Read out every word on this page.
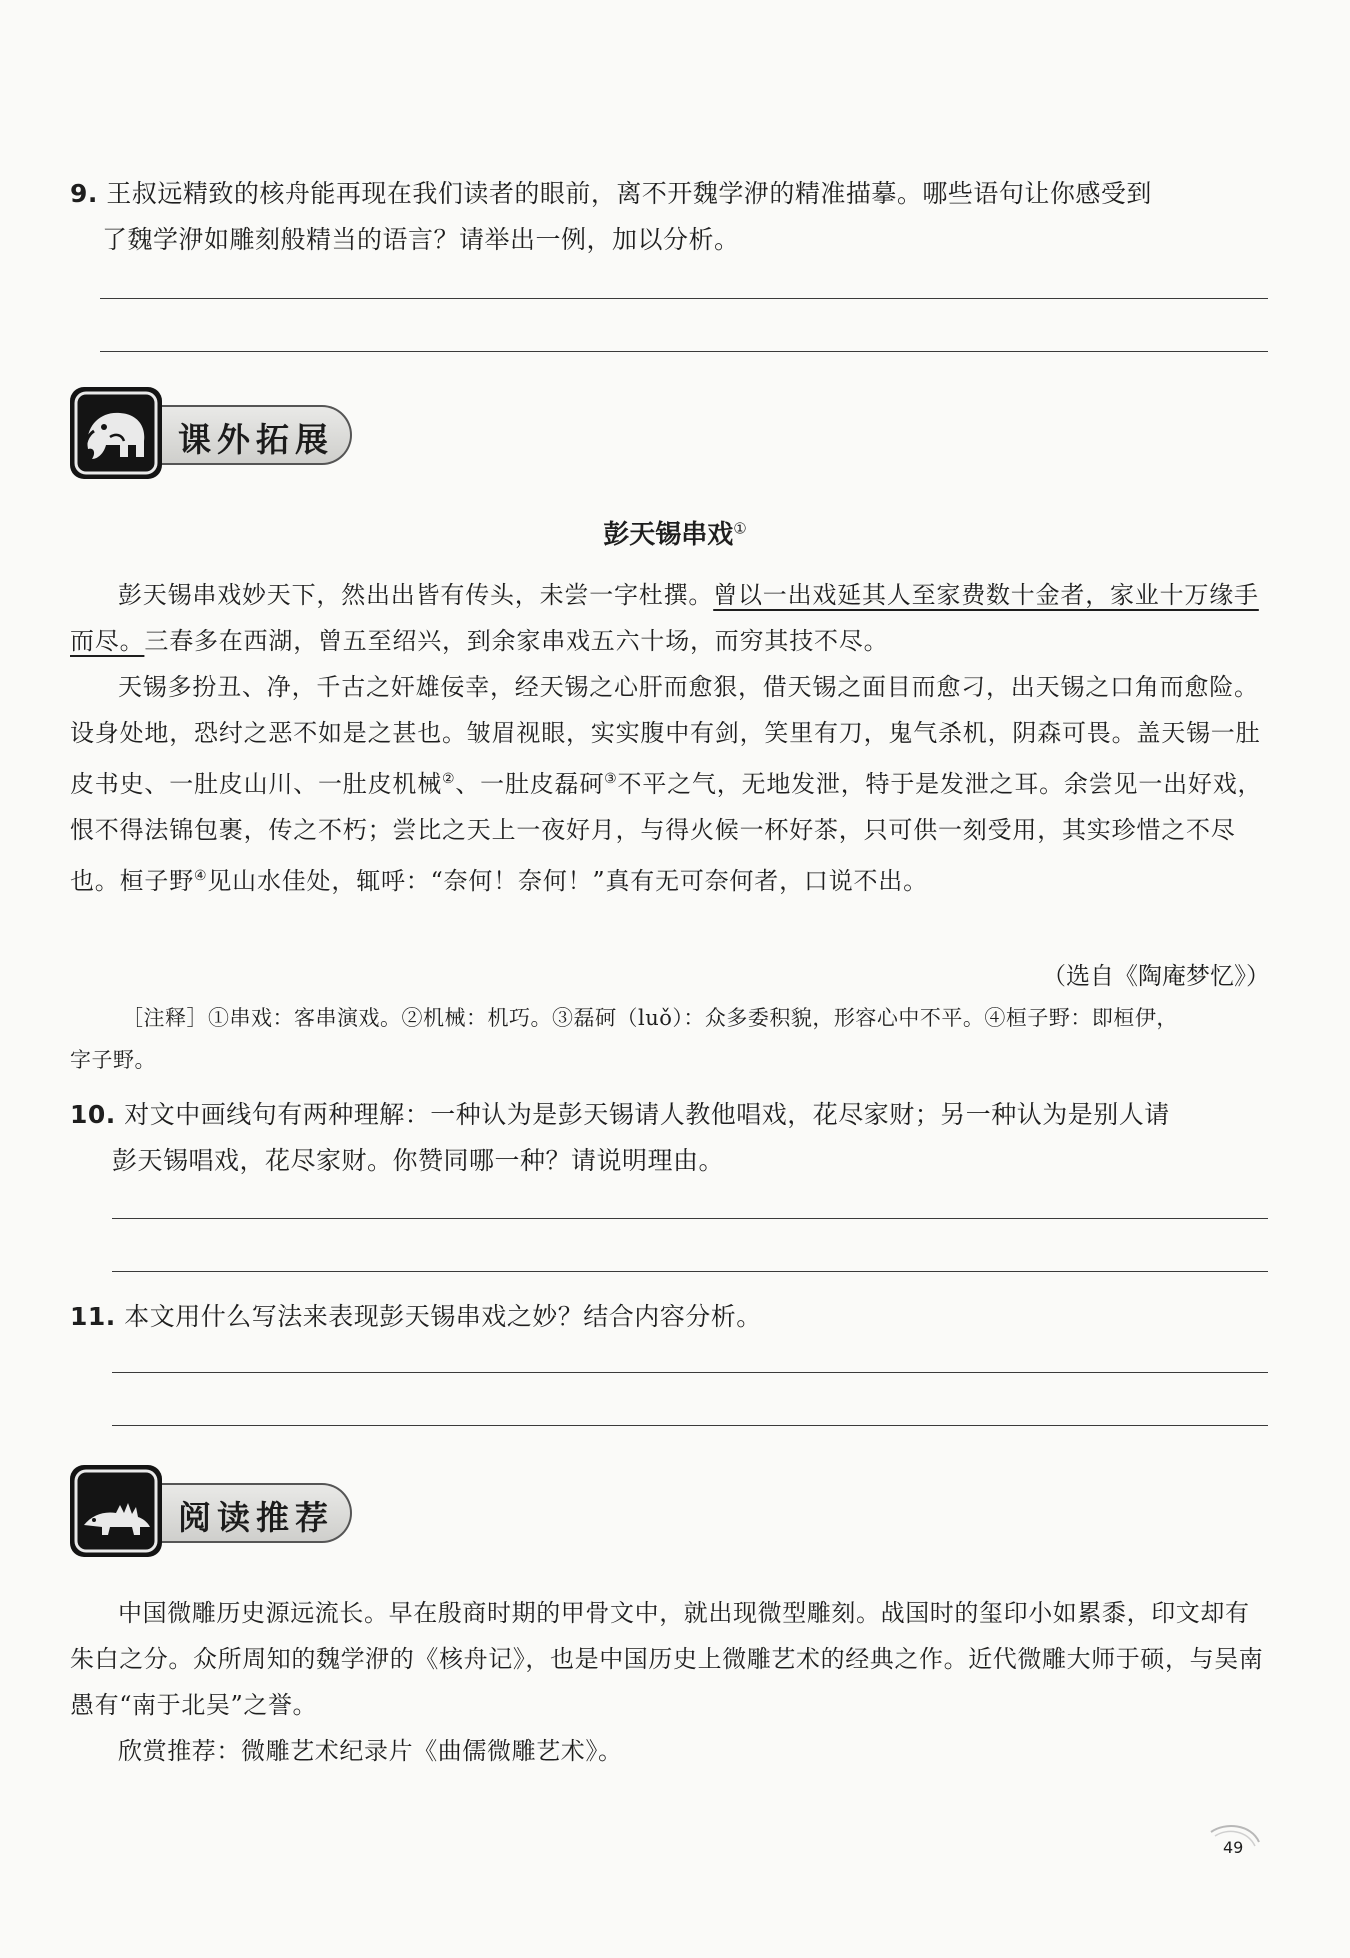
9. 王叔远精致的核舟能再现在我们读者的眼前，离不开魏学洢的精准描摹。哪些语句让你感受到
了魏学洢如雕刻般精当的语言？请举出一例，加以分析。
课外拓展
彭天锡串戏①

彭天锡串戏妙天下，然出出皆有传头，未尝一字杜撰。曾以一出戏延其人至家费数十金者，家业十万缘手而尽。三春多在西湖，曾五至绍兴，到余家串戏五六十场，而穷其技不尽。

天锡多扮丑、净，千古之奸雄佞幸，经天锡之心肝而愈狠，借天锡之面目而愈刁，出天锡之口角而愈险。设身处地，恐纣之恶不如是之甚也。皱眉视眼，实实腹中有剑，笑里有刀，鬼气杀机，阴森可畏。盖天锡一肚皮书史、一肚皮山川、一肚皮机械②、一肚皮磊砢③不平之气，无地发泄，特于是发泄之耳。余尝见一出好戏，恨不得法锦包裹，传之不朽；尝比之天上一夜好月，与得火候一杯好茶，只可供一刻受用，其实珍惜之不尽也。桓子野④见山水佳处，辄呼：“奈何！奈何！”真有无可奈何者，口说不出。

（选自《陶庵梦忆》）
［注释］①串戏：客串演戏。②机械：机巧。③磊砢（luǒ）：众多委积貌，形容心中不平。④桓子野：即桓伊，
字子野。
10. 对文中画线句有两种理解：一种认为是彭天锡请人教他唱戏，花尽家财；另一种认为是别人请
彭天锡唱戏，花尽家财。你赞同哪一种？请说明理由。
11. 本文用什么写法来表现彭天锡串戏之妙？结合内容分析。
阅读推荐

中国微雕历史源远流长。早在殷商时期的甲骨文中，就出现微型雕刻。战国时的玺印小如累黍，印文却有朱白之分。众所周知的魏学洢的《核舟记》，也是中国历史上微雕艺术的经典之作。近代微雕大师于硕，与吴南愚有“南于北吴”之誉。

欣赏推荐：微雕艺术纪录片《曲儒微雕艺术》。

49
